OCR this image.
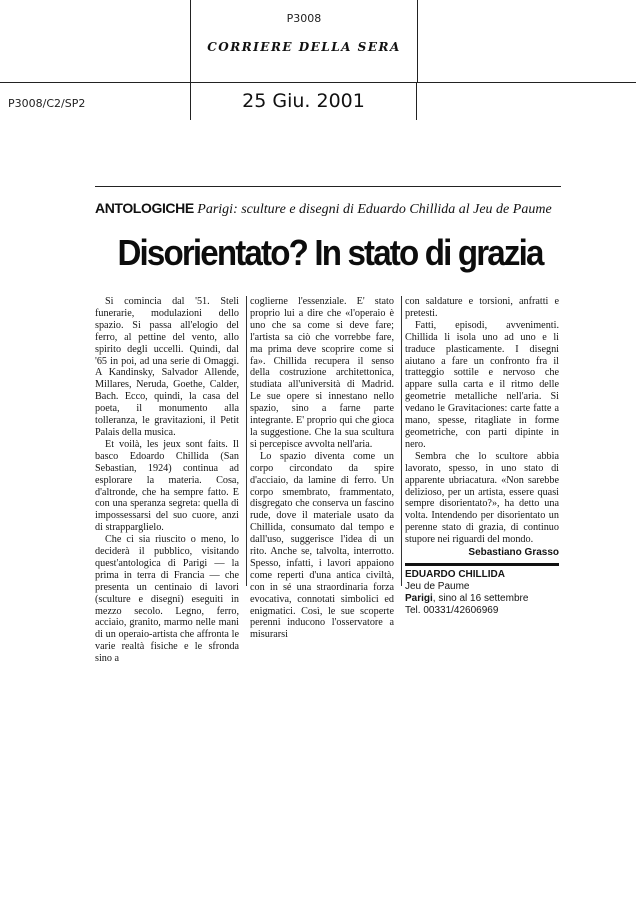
P3008
CORRIERE DELLA SERA
P3008/C2/SP2	25 Giu. 2001
ANTOLOGICHE Parigi: sculture e disegni di Eduardo Chillida al Jeu de Paume
Disorientato? In stato di grazia

Si comincia dal '51. Steli funerarie, modulazioni dello spazio. Si passa all'elogio del ferro, al pettine del vento, allo spirito degli uccelli. Quindi, dal '65 in poi, ad una serie di Omaggi. A Kandinsky, Salvador Allende, Millares, Neruda, Goethe, Calder, Bach. Ecco, quindi, la casa del poeta, il monumento alla tolleranza, le gravitazioni, il Petit Palais della musica.

Et voilà, les jeux sont faits. Il basco Edoardo Chillida (San Sebastian, 1924) continua ad esplorare la materia. Cosa, d'altronde, che ha sempre fatto. E con una speranza segreta: quella di impossessarsi del suo cuore, anzi di strapparglielo.

Che ci sia riuscito o meno, lo deciderà il pubblico, visitando quest'antologica di Parigi — la prima in terra di Francia — che presenta un centinaio di lavori (sculture e disegni) eseguiti in mezzo secolo. Legno, ferro, acciaio, granito, marmo nelle mani di un operaio-artista che affronta le varie realtà fisiche e le sfronda sino a

coglierne l'essenziale. E' stato proprio lui a dire che «l'operaio è uno che sa come si deve fare; l'artista sa ciò che vorrebbe fare, ma prima deve scoprire come si fa». Chillida recupera il senso della costruzione architettonica, studiata all'università di Madrid. Le sue opere si innestano nello spazio, sino a farne parte integrante. E' proprio qui che gioca la suggestione. Che la sua scultura si percepisce avvolta nell'aria.

Lo spazio diventa come un corpo circondato da spire d'acciaio, da lamine di ferro. Un corpo smembrato, frammentato, disgregato che conserva un fascino rude, dove il materiale usato da Chillida, consumato dal tempo e dall'uso, suggerisce l'idea di un rito. Anche se, talvolta, interrotto. Spesso, infatti, i lavori appaiono come reperti d'una antica civiltà, con in sé una straordinaria forza evocativa, connotati simbolici ed enigmatici. Così, le sue scoperte perenni inducono l'osservatore a misurarsi

con saldature e torsioni, anfratti e pretesti.

Fatti, episodi, avvenimenti. Chillida li isola uno ad uno e li traduce plasticamente. I disegni aiutano a fare un confronto fra il tratteggio sottile e nervoso che appare sulla carta e il ritmo delle geometrie metalliche nell'aria. Si vedano le Gravitaciones: carte fatte a mano, spesse, ritagliate in forme geometriche, con parti dipinte in nero.

Sembra che lo scultore abbia lavorato, spesso, in uno stato di apparente ubriacatura. «Non sarebbe delizioso, per un artista, essere quasi sempre disorientato?», ha detto una volta. Intendendo per disorientato un perenne stato di grazia, di continuo stupore nei riguardi del mondo.

Sebastiano Grasso
EDUARDO CHILLIDA
Jeu de Paume
Parigi, sino al 16 settembre
Tel. 00331/42606969
